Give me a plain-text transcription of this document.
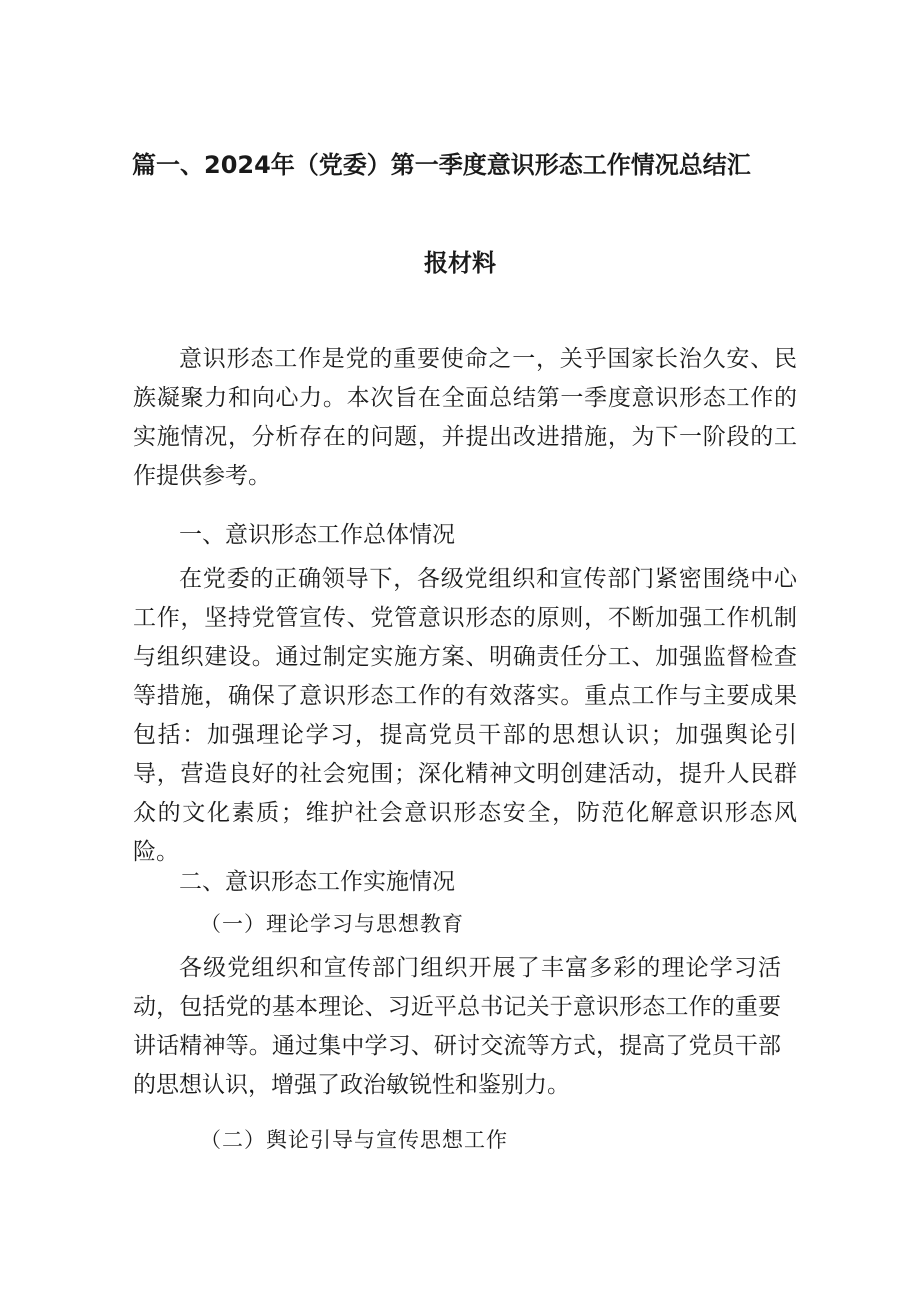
篇一、2024年（党委）第一季度意识形态工作情况总结汇
报材料

意识形态工作是党的重要使命之一，关乎国家长治久安、民族凝聚力和向心力。本次旨在全面总结第一季度意识形态工作的实施情况，分析存在的问题，并提出改进措施，为下一阶段的工作提供参考。

一、意识形态工作总体情况

在党委的正确领导下，各级党组织和宣传部门紧密围绕中心工作，坚持党管宣传、党管意识形态的原则，不断加强工作机制与组织建设。通过制定实施方案、明确责任分工、加强监督检查等措施，确保了意识形态工作的有效落实。重点工作与主要成果包括：加强理论学习，提高党员干部的思想认识；加强舆论引导，营造良好的社会宛围；深化精神文明创建活动，提升人民群众的文化素质；维护社会意识形态安全，防范化解意识形态风险。

二、意识形态工作实施情况
（一）理论学习与思想教育

各级党组织和宣传部门组织开展了丰富多彩的理论学习活动，包括党的基本理论、习近平总书记关于意识形态工作的重要讲话精神等。通过集中学习、研讨交流等方式，提高了党员干部的思想认识，增强了政治敏锐性和鉴别力。

（二）舆论引导与宣传思想工作
